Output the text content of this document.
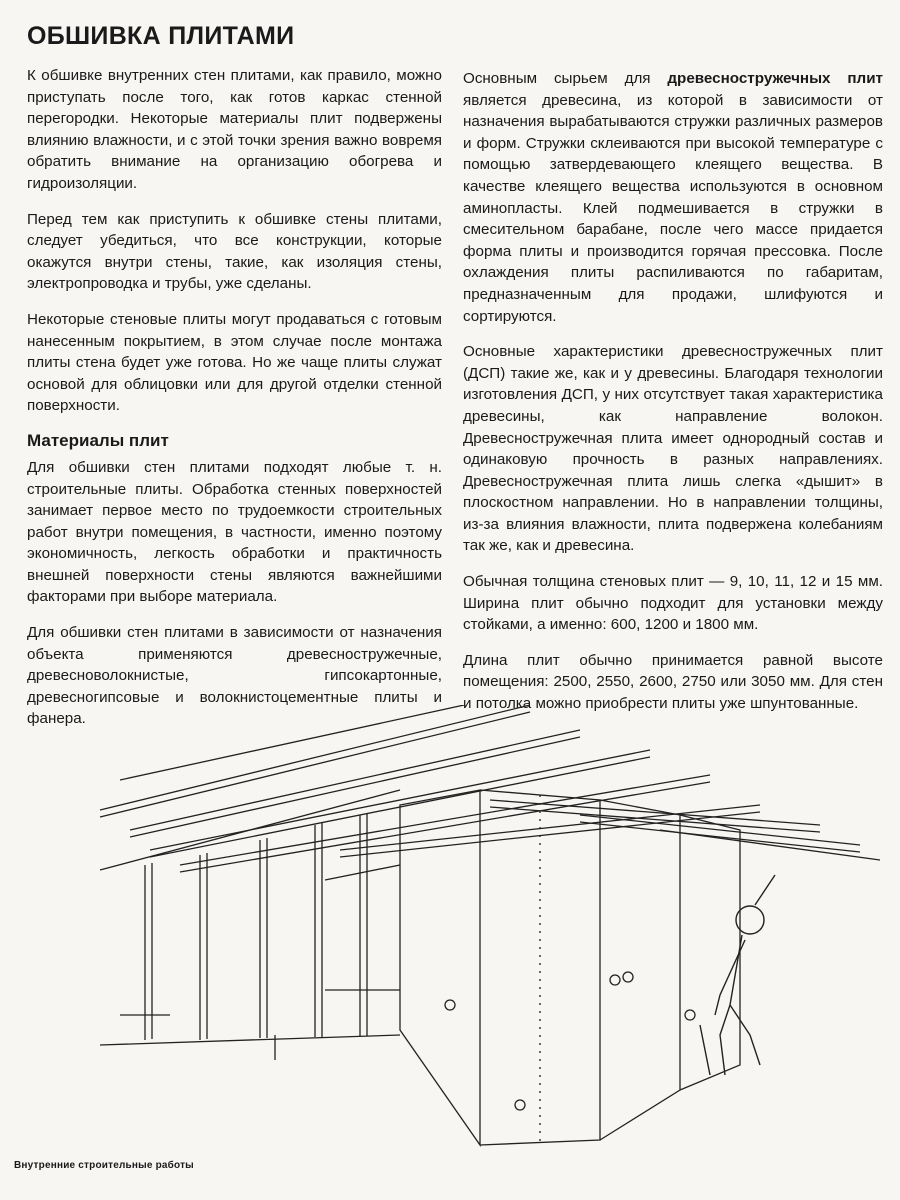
ОБШИВКА ПЛИТАМИ

К обшивке внутренних стен плитами, как правило, можно приступать после того, как готов каркас стенной перегородки. Некоторые материалы плит подвержены влиянию влажности, и с этой точки зрения важно вовремя обратить внимание на организацию обогрева и гидроизоляции.

Перед тем как приступить к обшивке стены плитами, следует убедиться, что все конструкции, которые окажутся внутри стены, такие, как изоляция стены, электропроводка и трубы, уже сделаны.

Некоторые стеновые плиты могут продаваться с готовым нанесенным покрытием, в этом случае после монтажа плиты стена будет уже готова. Но же чаще плиты служат основой для облицовки или для другой отделки стенной поверхности.

Материалы плит

Для обшивки стен плитами подходят любые т. н. строительные плиты. Обработка стенных поверхностей занимает первое место по трудоемкости строительных работ внутри помещения, в частности, именно поэтому экономичность, легкость обработки и практичность внешней поверхности стены являются важнейшими факторами при выборе материала.

Для обшивки стен плитами в зависимости от назначения объекта применяются древесностружечные, древесноволокнистые, гипсокартонные, древесногипсовые и волокнистоцементные плиты и фанера.

Основным сырьем для древесностружечных плит является древесина, из которой в зависимости от назначения вырабатываются стружки различных размеров и форм. Стружки склеиваются при высокой температуре с помощью затвердевающего клеящего вещества. В качестве клеящего вещества используются в основном аминопласты. Клей подмешивается в стружки в смесительном барабане, после чего массе придается форма плиты и производится горячая прессовка. После охлаждения плиты распиливаются по габаритам, предназначенным для продажи, шлифуются и сортируются.

Основные характеристики древесностружечных плит (ДСП) такие же, как и у древесины. Благодаря технологии изготовления ДСП, у них отсутствует такая характеристика древесины, как направление волокон. Древесностружечная плита имеет однородный состав и одинаковую прочность в разных направлениях. Древесностружечная плита лишь слегка «дышит» в плоскостном направлении. Но в направлении толщины, из-за влияния влажности, плита подвержена колебаниям так же, как и древесина.

Обычная толщина стеновых плит — 9, 10, 11, 12 и 15 мм. Ширина плит обычно подходит для установки между стойками, а именно: 600, 1200 и 1800 мм.

Длина плит обычно принимается равной высоте помещения: 2500, 2550, 2600, 2750 или 3050 мм. Для стен и потолка можно приобрести плиты уже шпунтованные.

Внутренние строительные работы
